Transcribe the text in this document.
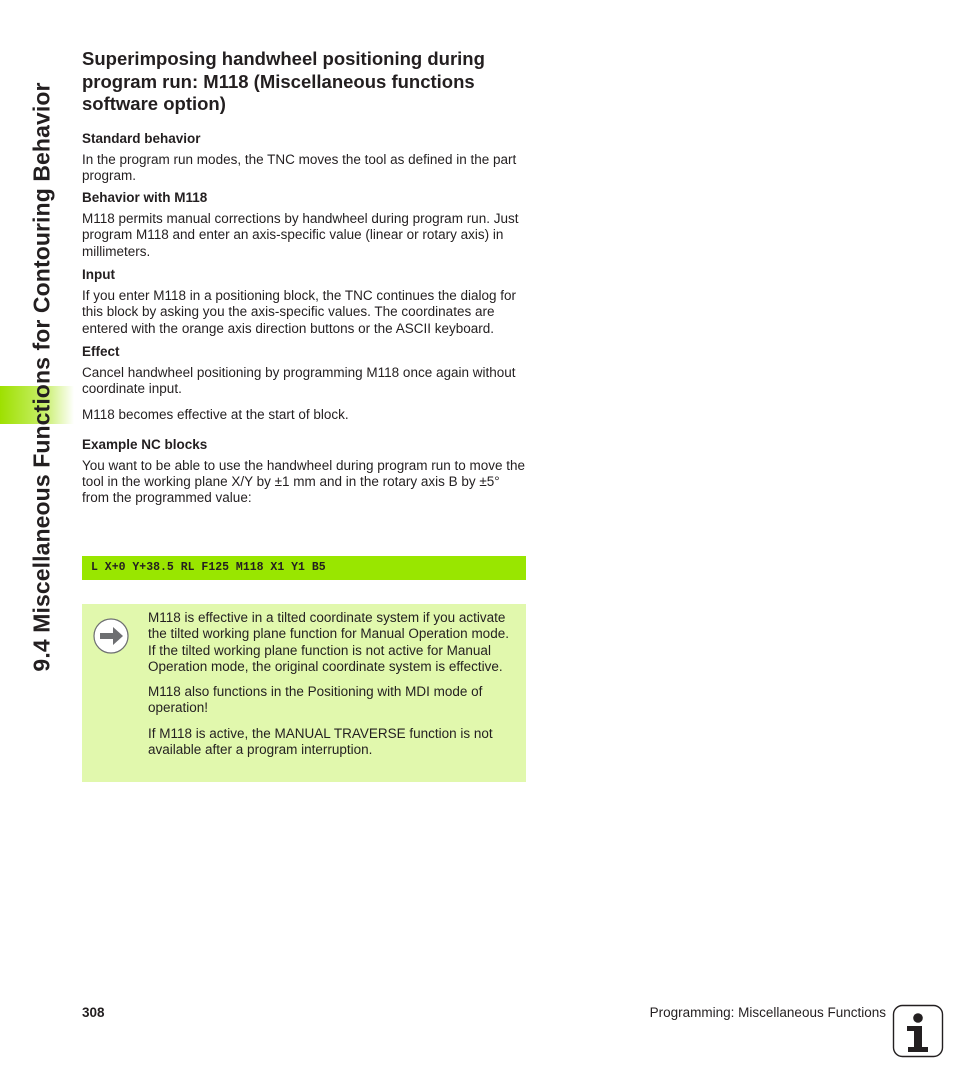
9.4 Miscellaneous Functions for Contouring Behavior
Superimposing handwheel positioning during program run: M118 (Miscellaneous functions software option)
Standard behavior

In the program run modes, the TNC moves the tool as defined in the part program.

Behavior with M118

M118 permits manual corrections by handwheel during program run. Just program M118 and enter an axis-specific value (linear or rotary axis) in millimeters.

Input

If you enter M118 in a positioning block, the TNC continues the dialog for this block by asking you the axis-specific values. The coordinates are entered with the orange axis direction buttons or the ASCII keyboard.

Effect

Cancel handwheel positioning by programming M118 once again without coordinate input.

M118 becomes effective at the start of block.

Example NC blocks

You want to be able to use the handwheel during program run to move the tool in the working plane X/Y by ±1 mm and in the rotary axis B by ±5° from the programmed value:

L X+0 Y+38.5 RL F125 M118 X1 Y1 B5

M118 is effective in a tilted coordinate system if you activate the tilted working plane function for Manual Operation mode. If the tilted working plane function is not active for Manual Operation mode, the original coordinate system is effective.

M118 also functions in the Positioning with MDI mode of operation!

If M118 is active, the MANUAL TRAVERSE function is not available after a program interruption.

308	Programming: Miscellaneous Functions
